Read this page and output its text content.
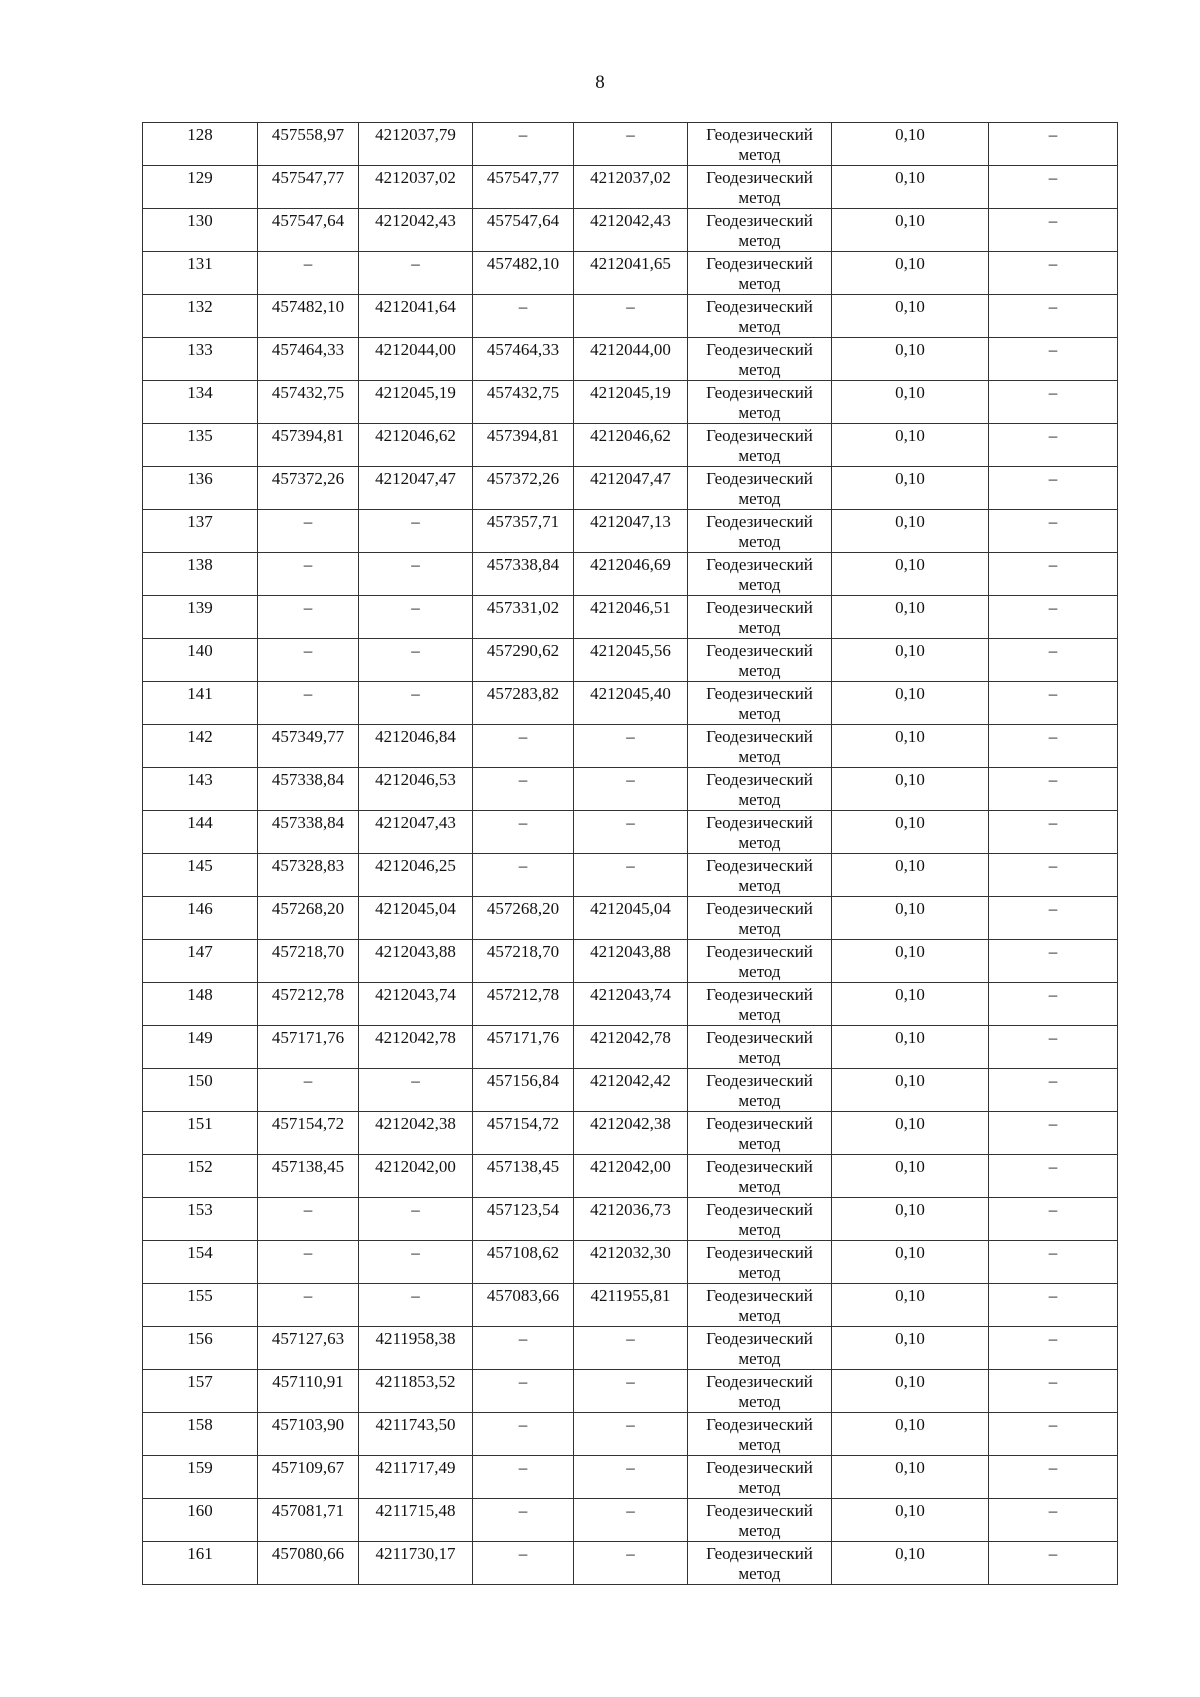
8
128	457558,97	4212037,79	–	–	Геодезический метод	0,10	–
129	457547,77	4212037,02	457547,77	4212037,02	Геодезический метод	0,10	–
130	457547,64	4212042,43	457547,64	4212042,43	Геодезический метод	0,10	–
131	–	–	457482,10	4212041,65	Геодезический метод	0,10	–
132	457482,10	4212041,64	–	–	Геодезический метод	0,10	–
133	457464,33	4212044,00	457464,33	4212044,00	Геодезический метод	0,10	–
134	457432,75	4212045,19	457432,75	4212045,19	Геодезический метод	0,10	–
135	457394,81	4212046,62	457394,81	4212046,62	Геодезический метод	0,10	–
136	457372,26	4212047,47	457372,26	4212047,47	Геодезический метод	0,10	–
137	–	–	457357,71	4212047,13	Геодезический метод	0,10	–
138	–	–	457338,84	4212046,69	Геодезический метод	0,10	–
139	–	–	457331,02	4212046,51	Геодезический метод	0,10	–
140	–	–	457290,62	4212045,56	Геодезический метод	0,10	–
141	–	–	457283,82	4212045,40	Геодезический метод	0,10	–
142	457349,77	4212046,84	–	–	Геодезический метод	0,10	–
143	457338,84	4212046,53	–	–	Геодезический метод	0,10	–
144	457338,84	4212047,43	–	–	Геодезический метод	0,10	–
145	457328,83	4212046,25	–	–	Геодезический метод	0,10	–
146	457268,20	4212045,04	457268,20	4212045,04	Геодезический метод	0,10	–
147	457218,70	4212043,88	457218,70	4212043,88	Геодезический метод	0,10	–
148	457212,78	4212043,74	457212,78	4212043,74	Геодезический метод	0,10	–
149	457171,76	4212042,78	457171,76	4212042,78	Геодезический метод	0,10	–
150	–	–	457156,84	4212042,42	Геодезический метод	0,10	–
151	457154,72	4212042,38	457154,72	4212042,38	Геодезический метод	0,10	–
152	457138,45	4212042,00	457138,45	4212042,00	Геодезический метод	0,10	–
153	–	–	457123,54	4212036,73	Геодезический метод	0,10	–
154	–	–	457108,62	4212032,30	Геодезический метод	0,10	–
155	–	–	457083,66	4211955,81	Геодезический метод	0,10	–
156	457127,63	4211958,38	–	–	Геодезический метод	0,10	–
157	457110,91	4211853,52	–	–	Геодезический метод	0,10	–
158	457103,90	4211743,50	–	–	Геодезический метод	0,10	–
159	457109,67	4211717,49	–	–	Геодезический метод	0,10	–
160	457081,71	4211715,48	–	–	Геодезический метод	0,10	–
161	457080,66	4211730,17	–	–	Геодезический метод	0,10	–
